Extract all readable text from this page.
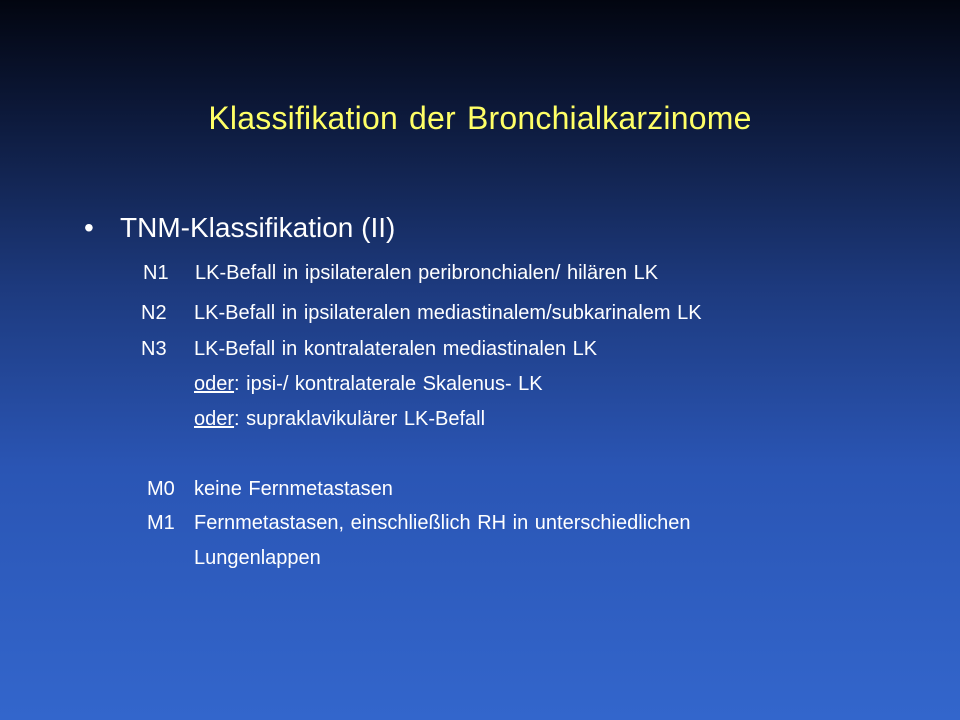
Klassifikation der Bronchialkarzinome
• TNM-Klassifikation (II)
N1 LK-Befall in ipsilateralen peribronchialen/ hilären LK
N2 LK-Befall in ipsilateralen mediastinalem/subkarinalem LK
N3 LK-Befall in kontralateralen mediastinalen LK
oder: ipsi-/ kontralaterale Skalenus- LK
oder: supraklavikulärer LK-Befall
M0 keine Fernmetastasen
M1 Fernmetastasen, einschließlich RH in unterschiedlichen
Lungenlappen
